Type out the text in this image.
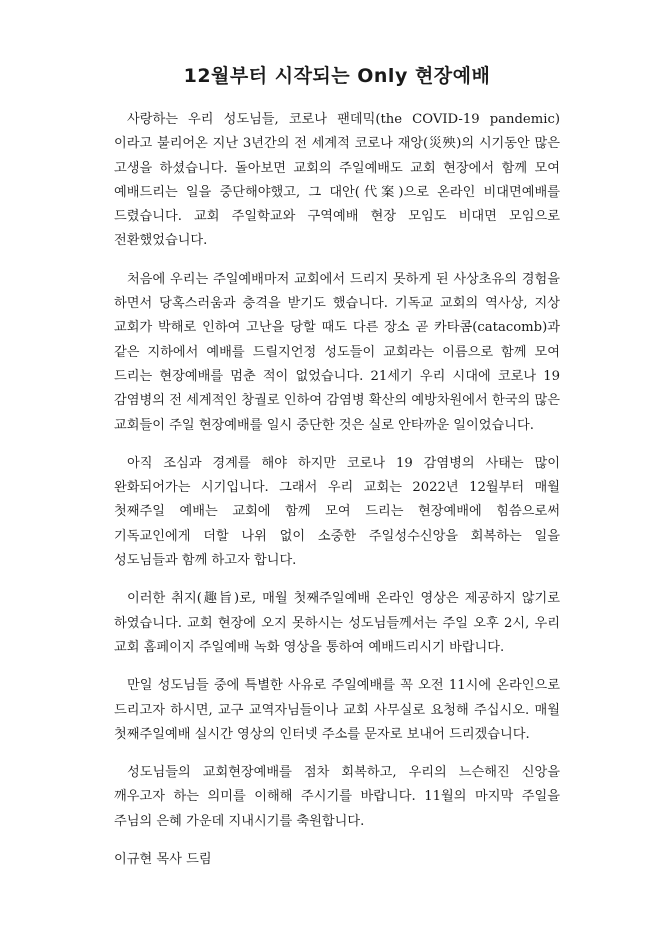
12월부터 시작되는 Only 현장예배

사랑하는 우리 성도님들, 코로나 팬데믹(the COVID-19 pandemic)이라고 불리어온 지난 3년간의 전 세계적 코로나 재앙(災殃)의 시기동안 많은 고생을 하셨습니다. 돌아보면 교회의 주일예배도 교회 현장에서 함께 모여 예배드리는 일을 중단해야했고, 그 대안(代案)으로 온라인 비대면예배를 드렸습니다. 교회 주일학교와 구역예배 현장 모임도 비대면 모임으로 전환했었습니다.

처음에 우리는 주일예배마저 교회에서 드리지 못하게 된 사상초유의 경험을 하면서 당혹스러움과 충격을 받기도 했습니다. 기독교 교회의 역사상, 지상 교회가 박해로 인하여 고난을 당할 때도 다른 장소 곧 카타콤(catacomb)과 같은 지하에서 예배를 드릴지언정 성도들이 교회라는 이름으로 함께 모여 드리는 현장예배를 멈춘 적이 없었습니다. 21세기 우리 시대에 코로나 19 감염병의 전 세계적인 창궐로 인하여 감염병 확산의 예방차원에서 한국의 많은 교회들이 주일 현장예배를 일시 중단한 것은 실로 안타까운 일이었습니다.

아직 조심과 경계를 해야 하지만 코로나 19 감염병의 사태는 많이 완화되어가는 시기입니다. 그래서 우리 교회는 2022년 12월부터 매월 첫째주일 예배는 교회에 함께 모여 드리는 현장예배에 힘씀으로써 기독교인에게 더할 나위 없이 소중한 주일성수신앙을 회복하는 일을 성도님들과 함께 하고자 합니다.

이러한 취지(趣旨)로, 매월 첫째주일예배 온라인 영상은 제공하지 않기로 하였습니다. 교회 현장에 오지 못하시는 성도님들께서는 주일 오후 2시, 우리 교회 홈페이지 주일예배 녹화 영상을 통하여 예배드리시기 바랍니다.

만일 성도님들 중에 특별한 사유로 주일예배를 꼭 오전 11시에 온라인으로 드리고자 하시면, 교구 교역자님들이나 교회 사무실로 요청해 주십시오. 매월 첫째주일예배 실시간 영상의 인터넷 주소를 문자로 보내어 드리겠습니다.

성도님들의 교회현장예배를 점차 회복하고, 우리의 느슨해진 신앙을 깨우고자 하는 의미를 이해해 주시기를 바랍니다. 11월의 마지막 주일을 주님의 은혜 가운데 지내시기를 축원합니다.

이규현 목사 드림
